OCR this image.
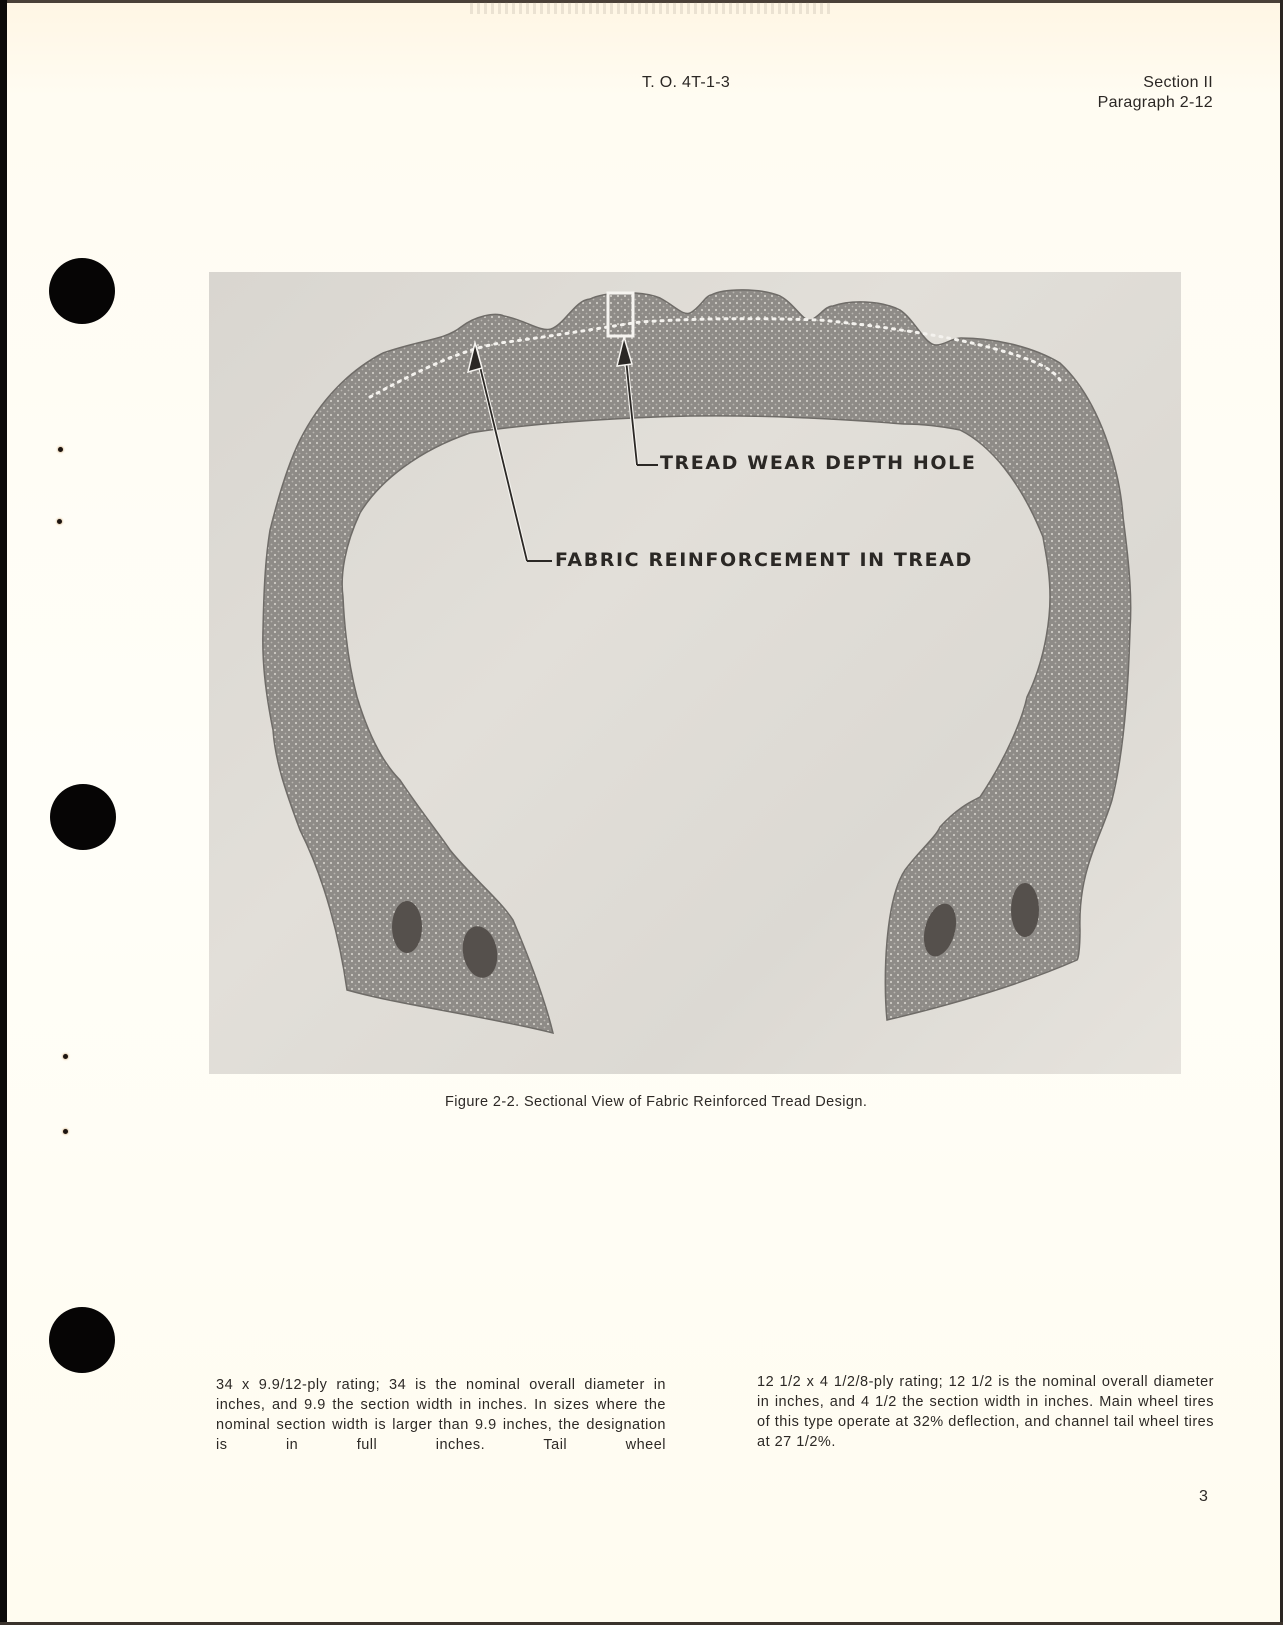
T. O. 4T-1-3	Section II
Paragraph 2-12
TREAD WEAR DEPTH HOLE
FABRIC REINFORCEMENT IN TREAD
Figure 2-2. Sectional View of Fabric Reinforced Tread Design.

34 x 9.9/12-ply rating; 34 is the nominal overall diameter in inches, and 9.9 the section width in inches. In sizes where the nominal section width is larger than 9.9 inches, the designation is in full inches. Tail wheel

12 1/2 x 4 1/2/8-ply rating; 12 1/2 is the nominal overall diameter in inches, and 4 1/2 the section width in inches. Main wheel tires of this type operate at 32% deflection, and channel tail wheel tires at 27 1/2%.

3
